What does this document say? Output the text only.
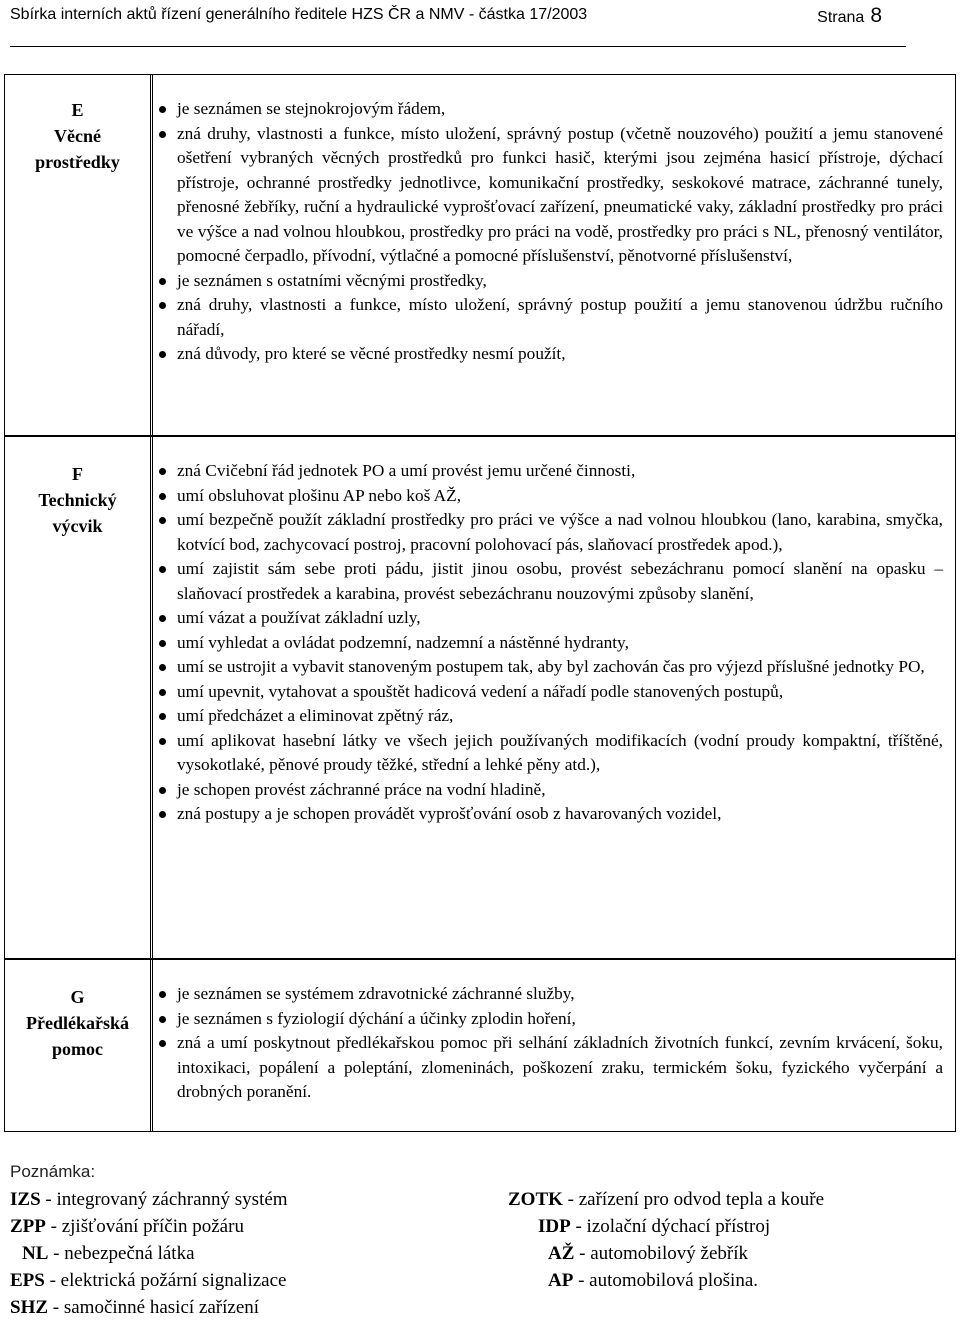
Sbírka interních aktů řízení generálního ředitele HZS ČR a NMV - částka 17/2003	Strana 8
E
Věcné
prostředky
je seznámen se stejnokrojovým řádem,
zná druhy, vlastnosti a funkce, místo uložení, správný postup (včetně nouzového) použití a jemu stanovené ošetření vybraných věcných prostředků pro funkci hasič, kterými jsou zejména hasicí přístroje, dýchací přístroje, ochranné prostředky jednotlivce, komunikační prostředky, seskokové matrace, záchranné tunely, přenosné žebříky, ruční a hydraulické vyprošťovací zařízení, pneumatické vaky, základní prostředky pro práci ve výšce a nad volnou hloubkou, prostředky pro práci na vodě, prostředky pro práci s NL, přenosný ventilátor, pomocné čerpadlo, přívodní, výtlačné a pomocné příslušenství, pěnotvorné příslušenství,
je seznámen s ostatními věcnými prostředky,
zná druhy, vlastnosti a funkce, místo uložení, správný postup použití a jemu stanovenou údržbu ručního nářadí,
zná důvody, pro které se věcné prostředky nesmí použít,
F
Technický
výcvik
zná Cvičební řád jednotek PO a umí provést jemu určené činnosti,
umí obsluhovat plošinu AP nebo koš AŽ,
umí bezpečně použít základní prostředky pro práci ve výšce a nad volnou hloubkou (lano, karabina, smyčka, kotvící bod, zachycovací postroj, pracovní polohovací pás, slaňovací prostředek apod.),
umí zajistit sám sebe proti pádu, jistit jinou osobu, provést sebezáchranu pomocí slanění na opasku – slaňovací prostředek a karabina, provést sebezáchranu nouzovými způsoby slanění,
umí vázat a používat základní uzly,
umí vyhledat a ovládat podzemní, nadzemní a nástěnné hydranty,
umí se ustrojit a vybavit stanoveným postupem tak, aby byl zachován čas pro výjezd příslušné jednotky PO,
umí upevnit, vytahovat a spouštět hadicová vedení a nářadí podle stanovených postupů,
umí předcházet a eliminovat zpětný ráz,
umí aplikovat hasební látky ve všech jejich používaných modifikacích (vodní proudy kompaktní, tříštěné, vysokotlaké, pěnové proudy těžké, střední a lehké pěny atd.),
je schopen provést záchranné práce na vodní hladině,
zná postupy a je schopen provádět vyprošťování osob z havarovaných vozidel,
G
Předlékařská
pomoc
je seznámen se systémem zdravotnické záchranné služby,
je seznámen s fyziologií dýchání a účinky zplodin hoření,
zná a umí poskytnout předlékařskou pomoc při selhání základních životních funkcí, zevním krvácení, šoku, intoxikaci, popálení a poleptání, zlomeninách, poškození zraku, termickém šoku, fyzického vyčerpání a drobných poranění.
Poznámka:
IZS - integrovaný záchranný systém
ZPP - zjišťování příčin požáru
NL - nebezpečná látka
EPS - elektrická požární signalizace
SHZ - samočinné hasicí zařízení
ZOTK - zařízení pro odvod tepla a kouře
IDP - izolační dýchací přístroj
AŽ - automobilový žebřík
AP - automobilová plošina.
